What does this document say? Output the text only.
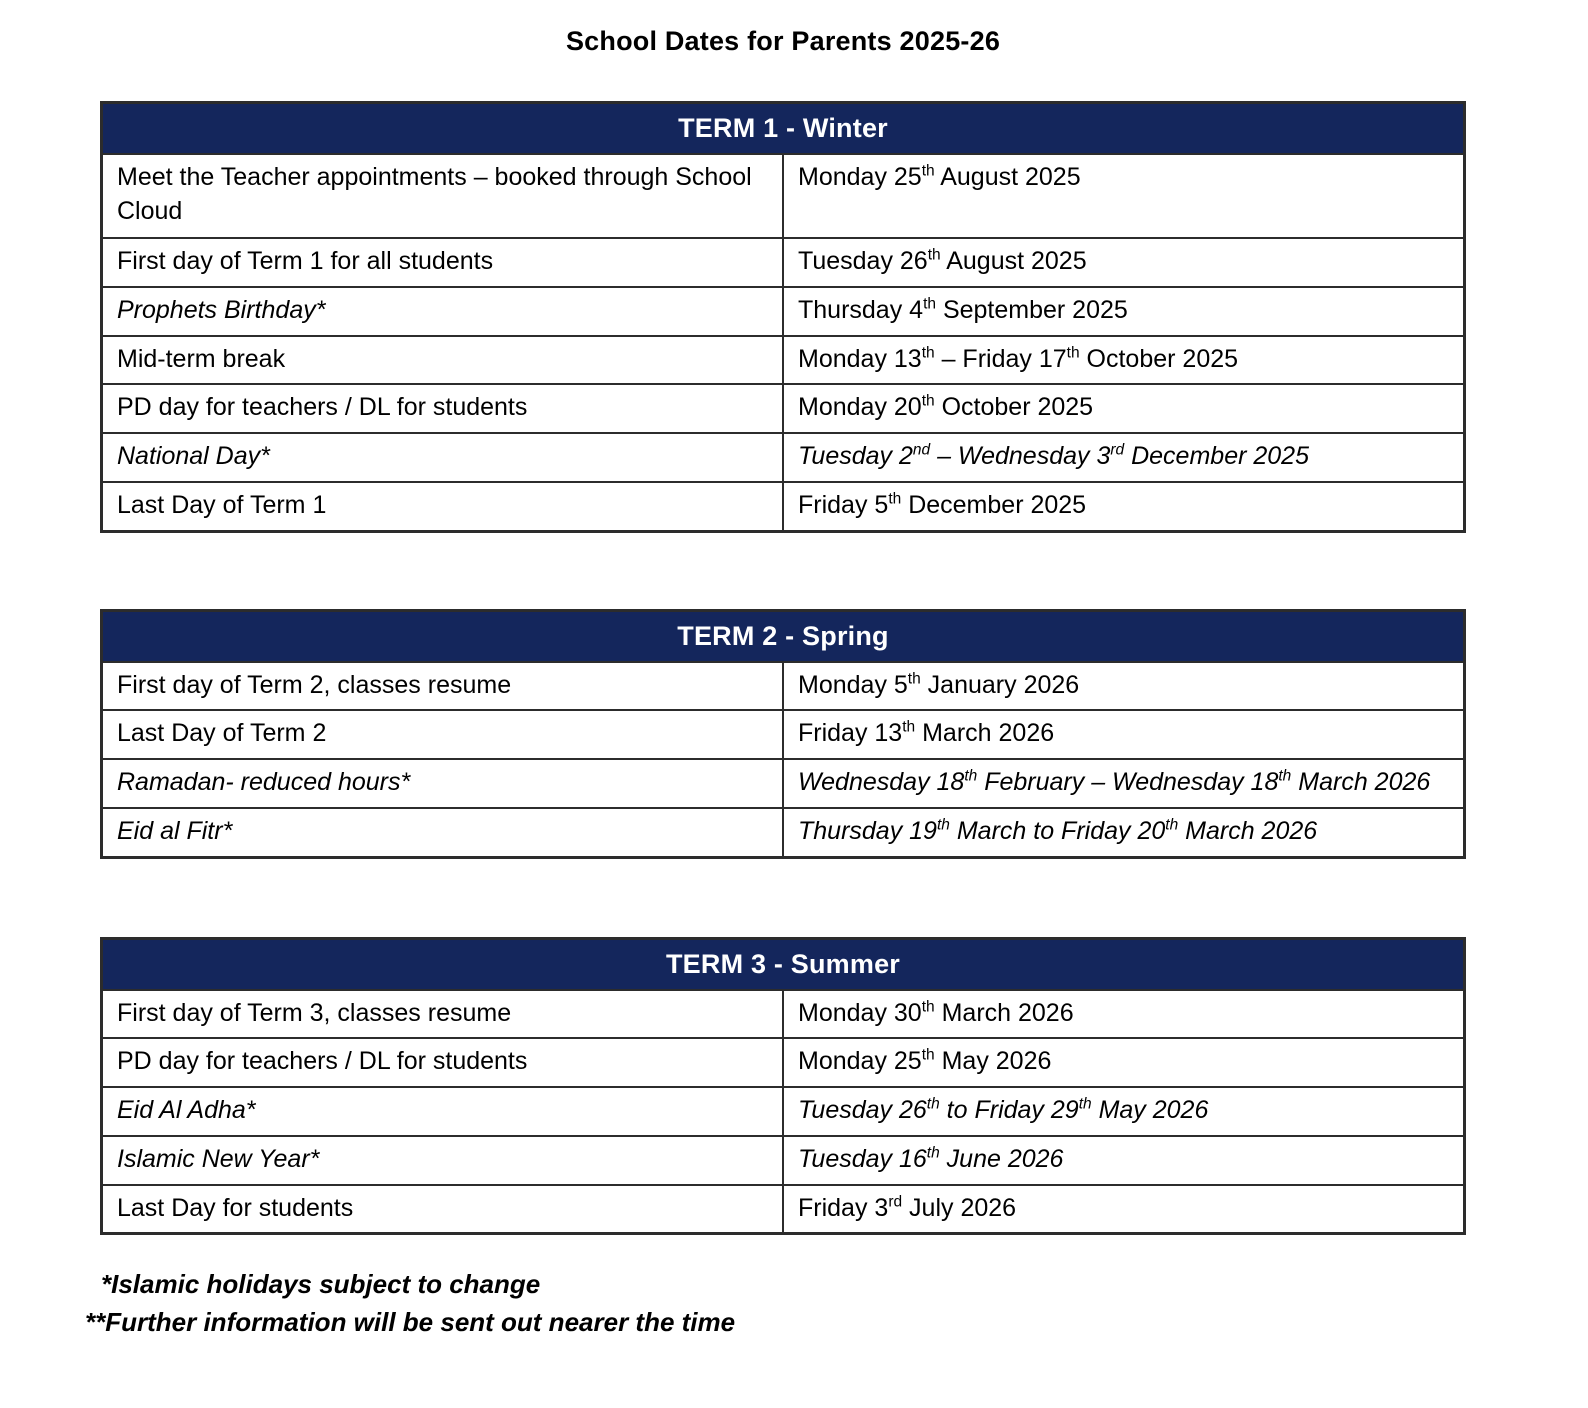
School Dates for Parents 2025-26
TERM 1 - Winter	
Meet the Teacher appointments – booked through School Cloud	Monday 25th August 2025
First day of Term 1 for all students	Tuesday 26th August 2025
Prophets Birthday*	Thursday 4th September 2025
Mid-term break	Monday 13th – Friday 17th October 2025
PD day for teachers / DL for students	Monday 20th October 2025
National Day*	Tuesday 2nd – Wednesday 3rd December 2025
Last Day of Term 1	Friday 5th December 2025
TERM 2 - Spring	
First day of Term 2, classes resume	Monday 5th January 2026
Last Day of Term 2	Friday 13th March 2026
Ramadan- reduced hours*	Wednesday 18th February – Wednesday 18th March 2026
Eid al Fitr*	Thursday 19th March to Friday 20th March 2026
TERM 3 - Summer	
First day of Term 3, classes resume	Monday 30th March 2026
PD day for teachers / DL for students	Monday 25th May 2026
Eid Al Adha*	Tuesday 26th to Friday 29th May 2026
Islamic New Year*	Tuesday 16th June 2026
Last Day for students	Friday 3rd July 2026

*Islamic holidays subject to change

**Further information will be sent out nearer the time
